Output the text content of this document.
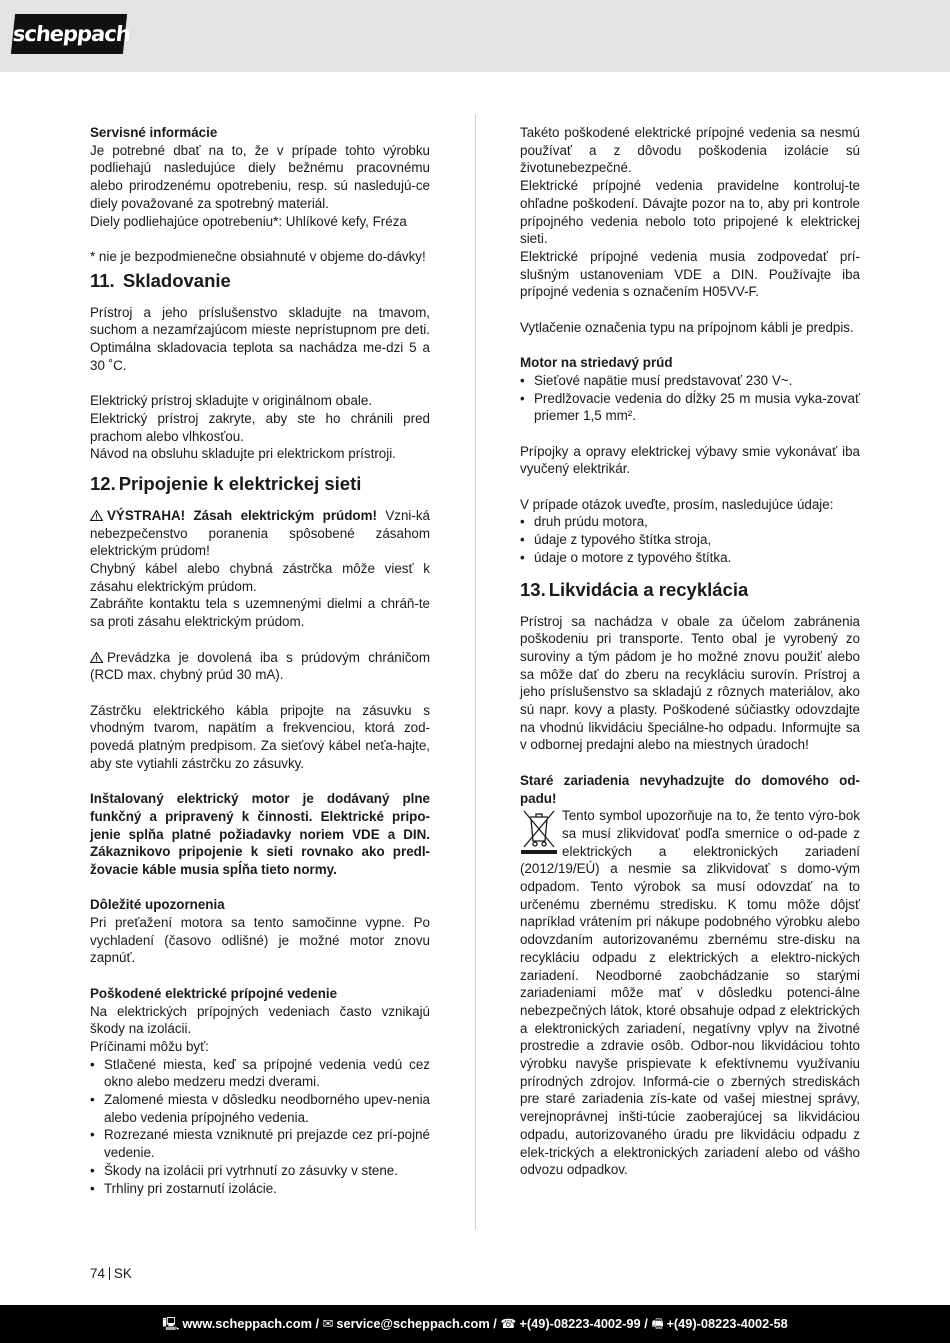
scheppach

Servisné informácie

Je potrebné dbať na to, že v prípade tohto výrobku podliehajú nasledujúce diely bežnému pracovnému alebo prirodzenému opotrebeniu, resp. sú nasledujú-ce diely považované za spotrebný materiál.

Diely podliehajúce opotrebeniu*: Uhlíkové kefy, Fréza

* nie je bezpodmienečne obsiahnuté v objeme do-dávky!

11. Skladovanie

Prístroj a jeho príslušenstvo skladujte na tmavom, suchom a nezamŕzajúcom mieste neprístupnom pre deti. Optimálna skladovacia teplota sa nachádza me-dzi 5 a 30 ˚C.

Elektrický prístroj skladujte v originálnom obale.

Elektrický prístroj zakryte, aby ste ho chránili pred prachom alebo vlhkosťou.

Návod na obsluhu skladujte pri elektrickom prístroji.

12. Pripojenie k elektrickej sieti

VÝSTRAHA! Zásah elektrickým prúdom! Vzni-ká nebezpečenstvo poranenia spôsobené zásahom elektrickým prúdom!

Chybný kábel alebo chybná zástrčka môže viesť k zásahu elektrickým prúdom.

Zabráňte kontaktu tela s uzemnenými dielmi a chráň-te sa proti zásahu elektrickým prúdom.

Prevádzka je dovolená iba s prúdovým chráničom (RCD max. chybný prúd 30 mA).

Zástrčku elektrického kábla pripojte na zásuvku s vhodným tvarom, napätím a frekvenciou, ktorá zod-povedá platným predpisom. Za sieťový kábel neťa-hajte, aby ste vytiahli zástrčku zo zásuvky.

Inštalovaný elektrický motor je dodávaný plne funkčný a pripravený k činnosti. Elektrické pripo-jenie splňa platné požiadavky noriem VDE a DIN. Zákaznikovo pripojenie k sieti rovnako ako predl-žovacie káble musia spĺňa tieto normy.

Dôležité upozornenia

Pri preťažení motora sa tento samočinne vypne. Po vychladení (časovo odlišné) je možné motor znovu zapnúť.

Poškodené elektrické prípojné vedenie

Na elektrických prípojných vedeniach často vznikajú škody na izolácii.

Príčinami môžu byť:

• Stlačené miesta, keď sa prípojné vedenia vedú cez okno alebo medzeru medzi dverami.
• Zalomené miesta v dôsledku neodborného upev-nenia alebo vedenia prípojného vedenia.
• Rozrezané miesta vzniknuté pri prejazde cez prí-pojné vedenie.
• Škody na izolácii pri vytrhnutí zo zásuvky v stene.
• Trhliny pri zostarnutí izolácie.

Takéto poškodené elektrické prípojné vedenia sa nesmú používať a z dôvodu poškodenia izolácie sú životunebezpečné.

Elektrické prípojné vedenia pravidelne kontroluj-te ohľadne poškodení. Dávajte pozor na to, aby pri kontrole prípojného vedenia nebolo toto pripojené k elektrickej sieti.

Elektrické prípojné vedenia musia zodpovedať prí-slušným ustanoveniam VDE a DIN. Používajte iba prípojné vedenia s označením H05VV-F.

Vytlačenie označenia typu na prípojnom kábli je predpis.

Motor na striedavý prúd

• Sieťové napätie musí predstavovať 230 V~.
• Predlžovacie vedenia do dĺžky 25 m musia vyka-zovať priemer 1,5 mm².

Prípojky a opravy elektrickej výbavy smie vykonávať iba vyučený elektrikár.

V prípade otázok uveďte, prosím, nasledujúce údaje:

• druh prúdu motora,
• údaje z typového štítka stroja,
• údaje o motore z typového štítka.
13. Likvidácia a recyklácia

Prístroj sa nachádza v obale za účelom zabránenia poškodeniu pri transporte. Tento obal je vyrobený zo suroviny a tým pádom je ho možné znovu použiť alebo sa môže dať do zberu na recykláciu surovín. Prístroj a jeho príslušenstvo sa skladajú z rôznych materiálov, ako sú napr. kovy a plasty. Poškodené súčiastky odovzdajte na vhodnú likvidáciu špeciálne-ho odpadu. Informujte sa v odbornej predajni alebo na miestnych úradoch!

Staré zariadenia nevyhadzujte do domového od-padu!

Tento symbol upozorňuje na to, že tento výro-bok sa musí zlikvidovať podľa smernice o od-pade z elektrických a elektronických zariadení (2012/19/EÚ) a nesmie sa zlikvidovať s domo-vým odpadom. Tento výrobok sa musí odovzdať na to určenému zbernému stredisku. K tomu môže dôjsť napríklad vrátením pri nákupe podobného výrobku alebo odovzdaním autorizovanému zbernému stre-disku na recykláciu odpadu z elektrických a elektro-nických zariadení. Neodborné zaobchádzanie so starými zariadeniami môže mať v dôsledku potenci-álne nebezpečných látok, ktoré obsahuje odpad z elektrických a elektronických zariadení, negatívny vplyv na životné prostredie a zdravie osôb. Odbor-nou likvidáciou tohto výrobku navyše prispievate k efektívnemu využívaniu prírodných zdrojov. Informá-cie o zberných strediskách pre staré zariadenia zís-kate od vašej miestnej správy, verejnoprávnej inšti-túcie zaoberajúcej sa likvidáciou odpadu, autorizovaného úradu pre likvidáciu odpadu z elek-trických a elektronických zariadení alebo od vášho odvozu odpadkov.

74 SK
🖳 www.scheppach.com / ✉ service@scheppach.com / ☎ +(49)-08223-4002-99 / 🖷 +(49)-08223-4002-58
